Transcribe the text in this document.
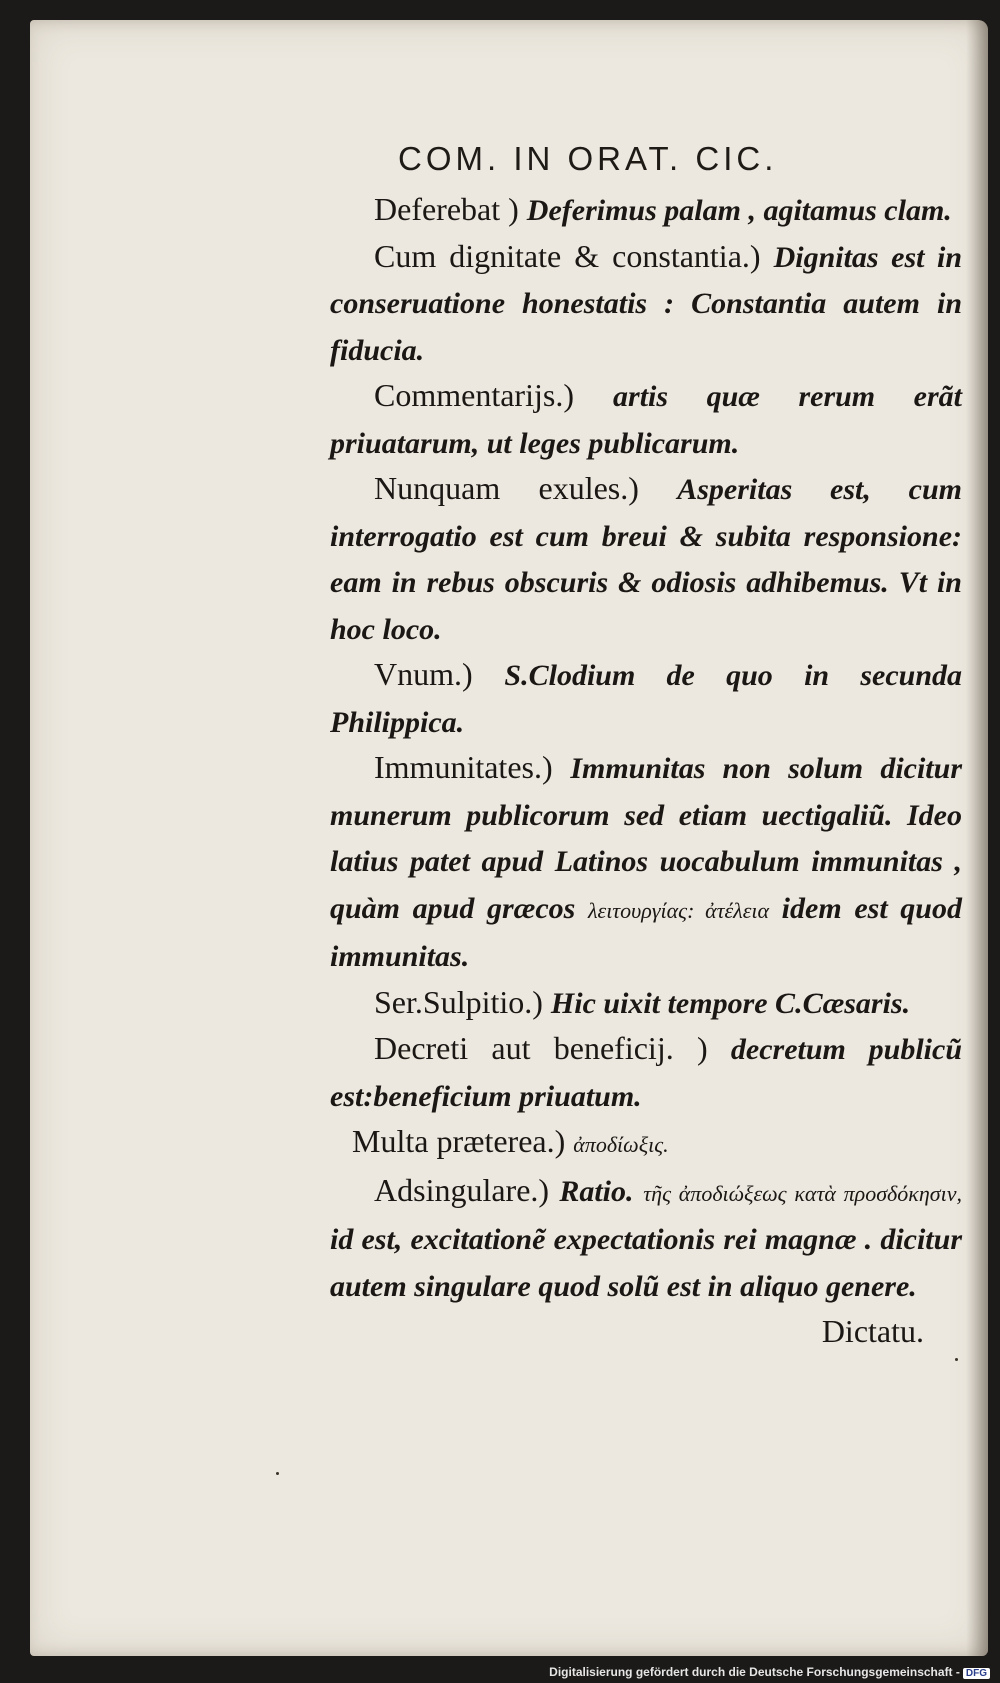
COM. IN ORAT. CIC.

Deferebat ) Deferimus palam , agitamus clam.

Cum dignitate & constantia.) Dignitas est in conseruatione honestatis : Constantia autem in fiducia.

Commentarijs.) artis quæ rerum erãt priuatarum, ut leges publicarum.

Nunquam exules.) Asperitas est, cum interrogatio est cum breui & subita responsione: eam in rebus obscuris & odiosis adhibemus. Vt in hoc loco.

Vnum.) S.Clodium de quo in secunda Philippica.

Immunitates.) Immunitas non solum dicitur munerum publicorum sed etiam uectigaliũ. Ideo latius patet apud Latinos uocabulum immunitas , quàm apud græcos λειτουργίας: ἀτέλεια idem est quod immunitas.

Ser.Sulpitio.) Hic uixit tempore C.Cæsaris.

Decreti aut beneficij. ) decretum publicũ est:beneficium priuatum.

Multa præterea.) ἀποδίωξις.

Adsingulare.) Ratio. τῆς ἀποδιώξεως κατὰ προσδόκησιν, id est, excitationẽ expectationis rei magnæ . dicitur autem singulare quod solũ est in aliquo genere.
Dictatu.

Digitalisierung gefördert durch die Deutsche Forschungsgemeinschaft - DFG
